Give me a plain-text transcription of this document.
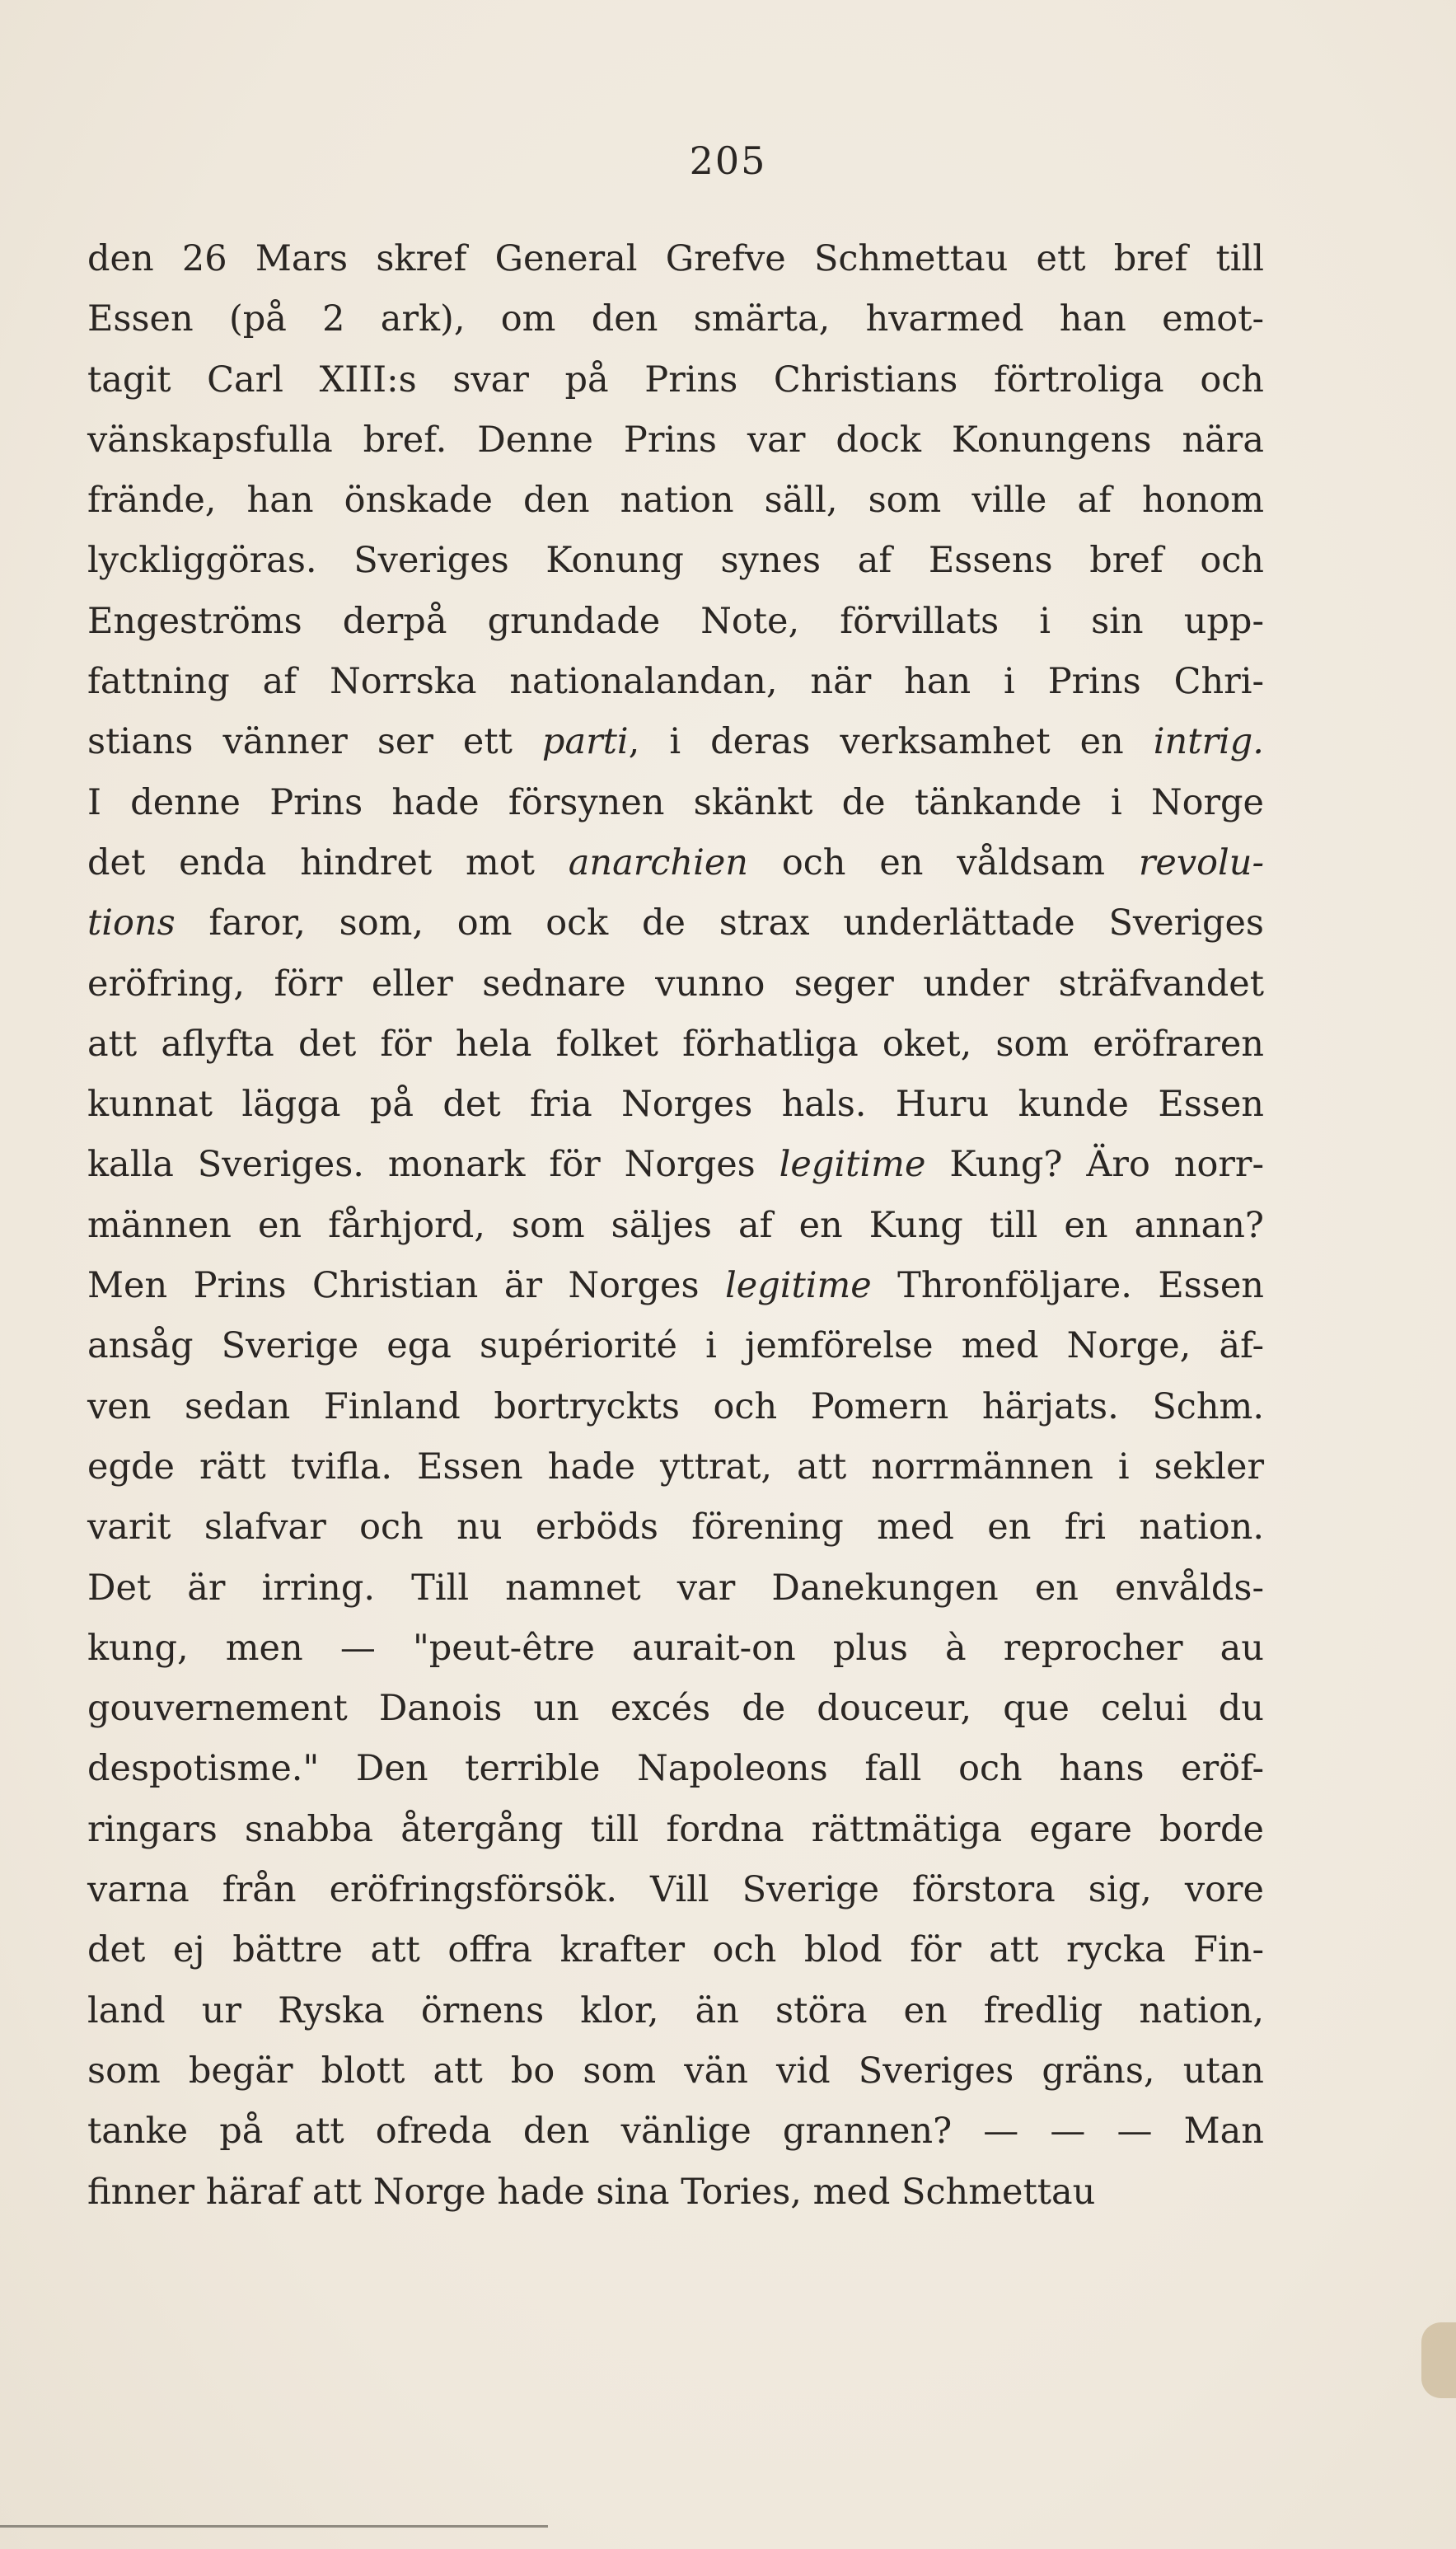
205
den 26 Mars skref General Grefve Schmettau ett bref till
Essen (på 2 ark), om den smärta, hvarmed han emot-
tagit Carl XIII:s svar på Prins Christians förtroliga och
vänskapsfulla bref. Denne Prins var dock Konungens nära
frände, han önskade den nation säll, som ville af honom
lyckliggöras. Sveriges Konung synes af Essens bref och
Engeströms derpå grundade Note, förvillats i sin upp-
fattning af Norrska nationalandan, när han i Prins Chri-
stians vänner ser ett parti, i deras verksamhet en intrig.
I denne Prins hade försynen skänkt de tänkande i Norge
det enda hindret mot anarchien och en våldsam revolu-
tions faror, som, om ock de strax underlättade Sveriges
eröfring, förr eller sednare vunno seger under sträfvandet
att aflyfta det för hela folket förhatliga oket, som eröfraren
kunnat lägga på det fria Norges hals. Huru kunde Essen
kalla Sveriges. monark för Norges legitime Kung? Äro norr-
männen en fårhjord, som säljes af en Kung till en annan?
Men Prins Christian är Norges legitime Thronföljare. Essen
ansåg Sverige ega supériorité i jemförelse med Norge, äf-
ven sedan Finland bortryckts och Pomern härjats. Schm.
egde rätt tvifla. Essen hade yttrat, att norrmännen i sekler
varit slafvar och nu erböds förening med en fri nation.
Det är irring. Till namnet var Danekungen en envålds-
kung, men — "peut-être aurait-on plus à reprocher au
gouvernement Danois un excés de douceur, que celui du
despotisme." Den terrible Napoleons fall och hans eröf-
ringars snabba återgång till fordna rättmätiga egare borde
varna från eröfringsförsök. Vill Sverige förstora sig, vore
det ej bättre att offra krafter och blod för att rycka Fin-
land ur Ryska örnens klor, än störa en fredlig nation,
som begär blott att bo som vän vid Sveriges gräns, utan
tanke på att ofreda den vänlige grannen? — — — Man
finner häraf att Norge hade sina Tories, med Schmettau
